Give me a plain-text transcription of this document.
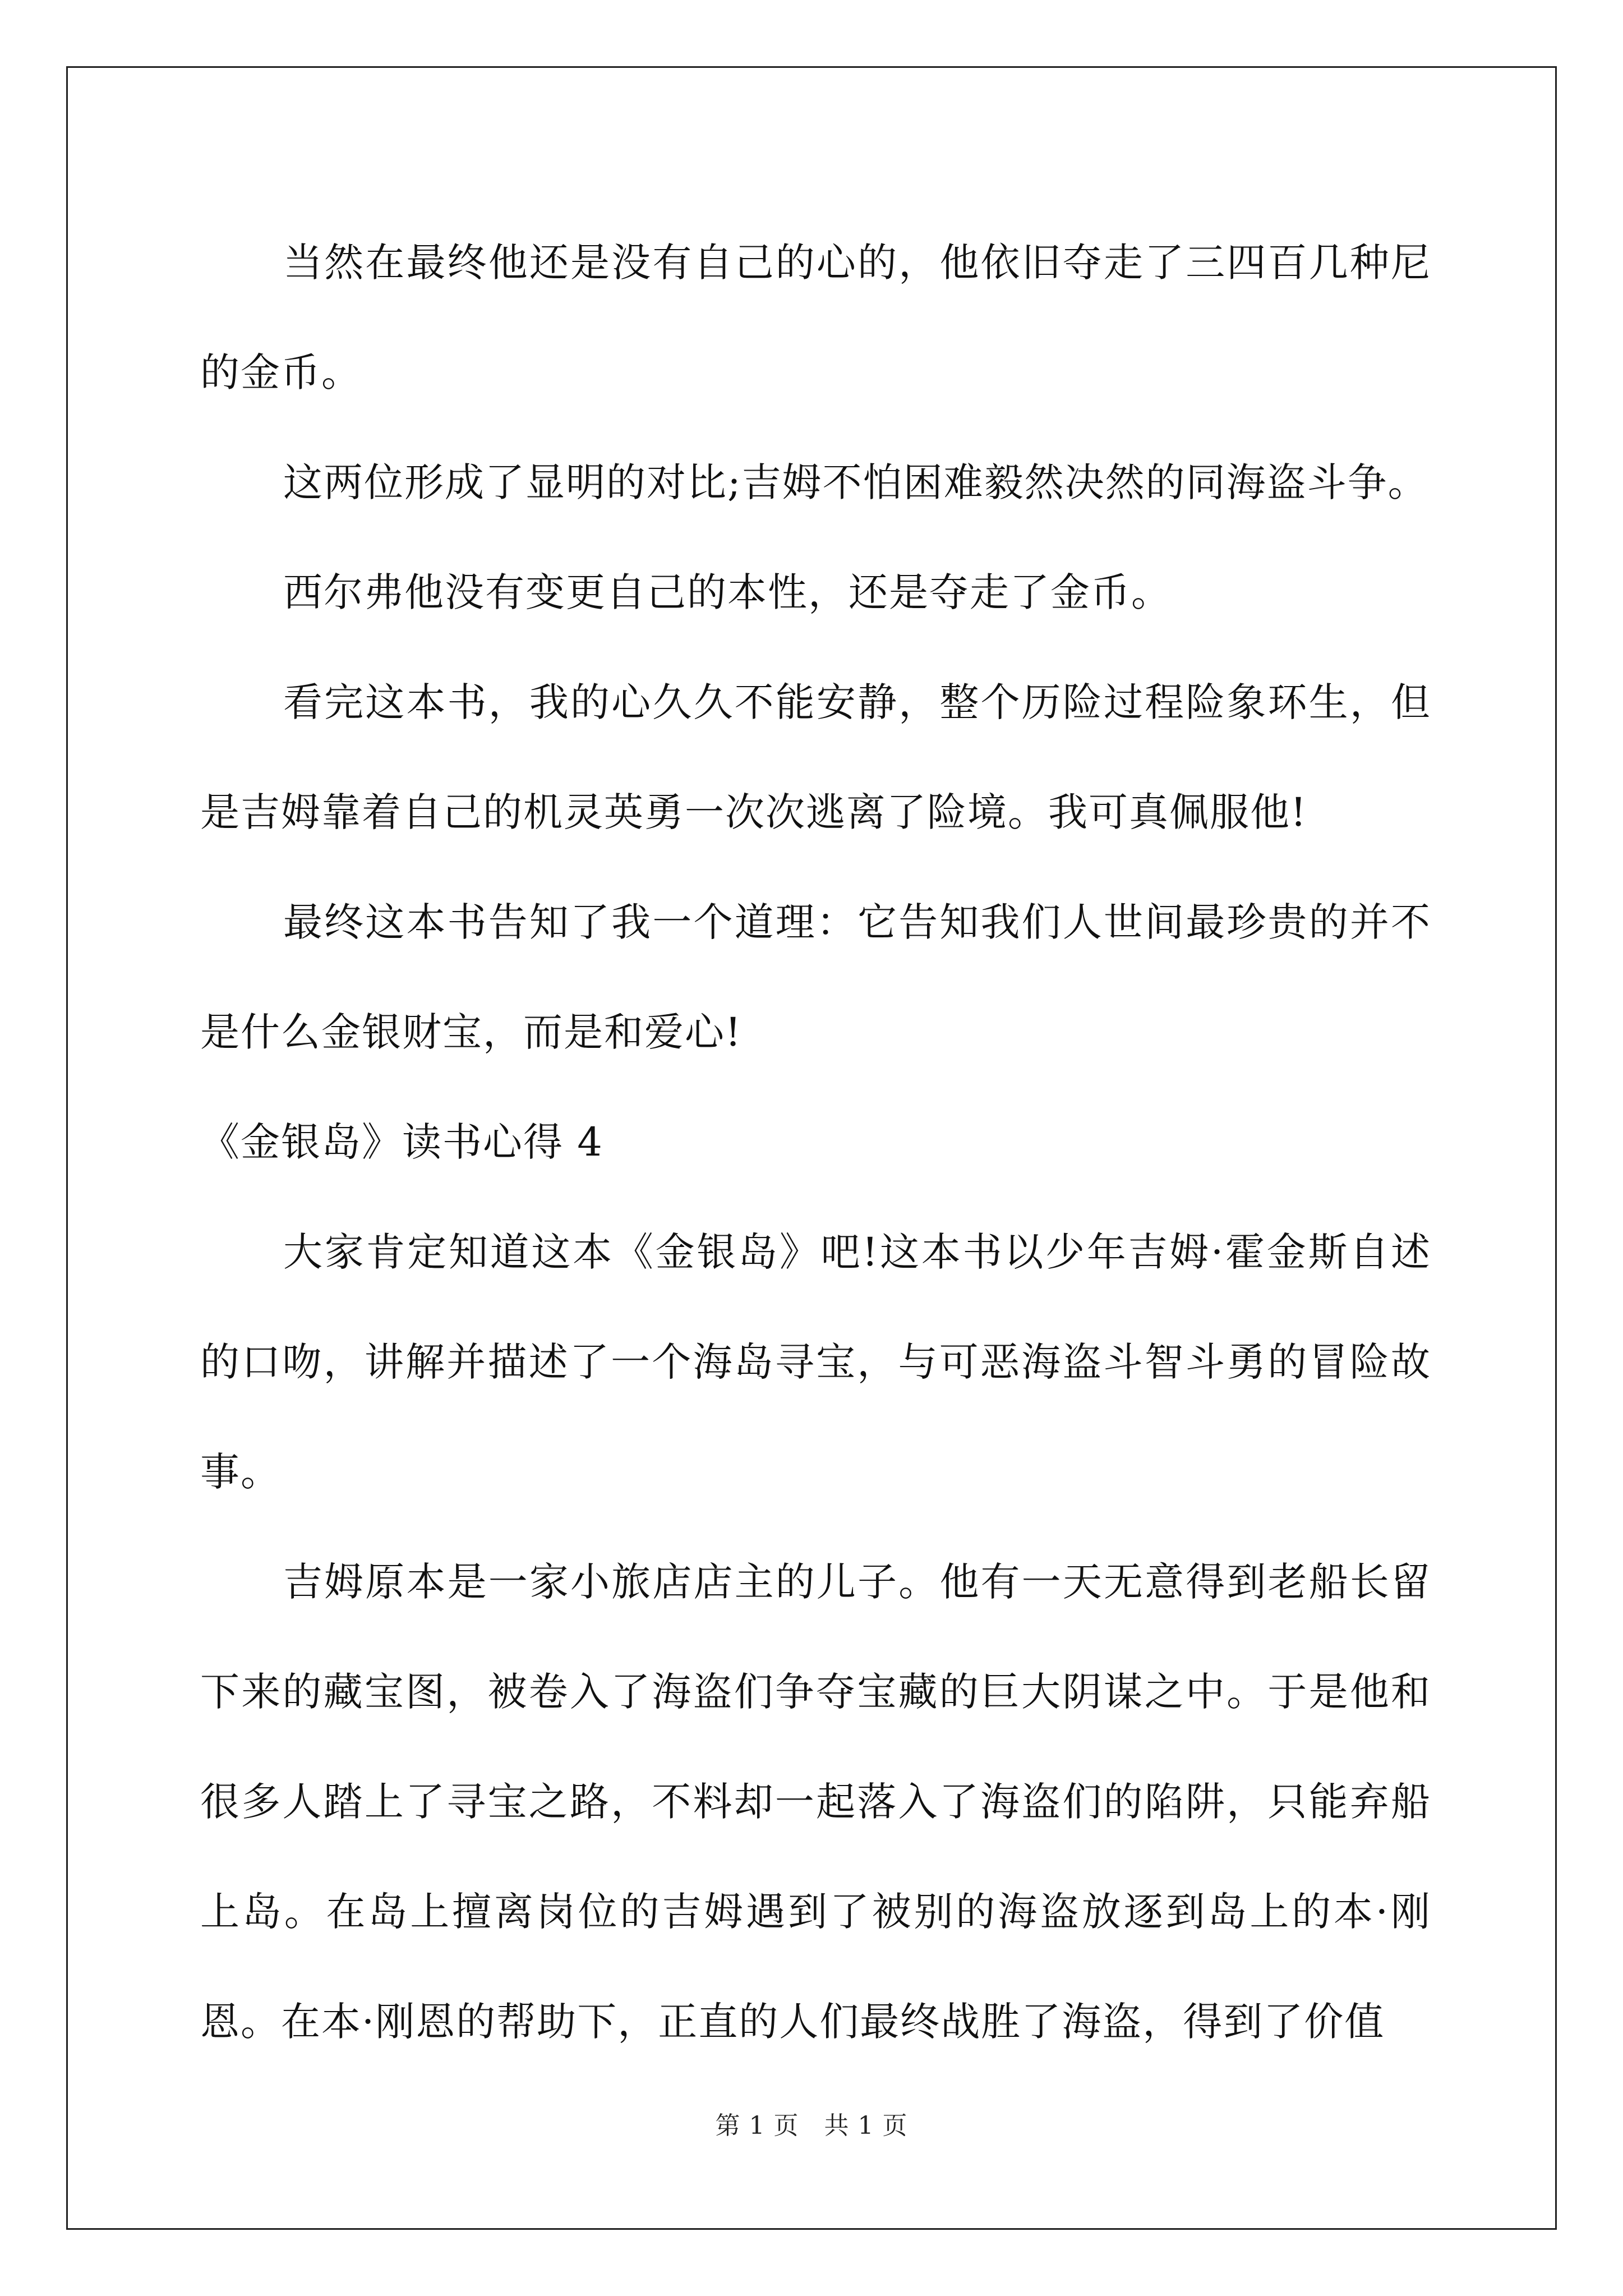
当然在最终他还是没有自己的心的，他依旧夺走了三四百几种尼的金币。

这两位形成了显明的对比;吉姆不怕困难毅然决然的同海盗斗争。

西尔弗他没有变更自己的本性，还是夺走了金币。

看完这本书，我的心久久不能安静，整个历险过程险象环生，但是吉姆靠着自己的机灵英勇一次次逃离了险境。我可真佩服他!

最终这本书告知了我一个道理：它告知我们人世间最珍贵的并不是什么金银财宝，而是和爱心!

《金银岛》读书心得 4

大家肯定知道这本《金银岛》吧!这本书以少年吉姆·霍金斯自述的口吻，讲解并描述了一个海岛寻宝，与可恶海盗斗智斗勇的冒险故事。

吉姆原本是一家小旅店店主的儿子。他有一天无意得到老船长留下来的藏宝图，被卷入了海盗们争夺宝藏的巨大阴谋之中。于是他和很多人踏上了寻宝之路，不料却一起落入了海盗们的陷阱，只能弃船上岛。在岛上擅离岗位的吉姆遇到了被别的海盗放逐到岛上的本·刚恩。在本·刚恩的帮助下，正直的人们最终战胜了海盗，得到了价值

第 1 页　共 1 页
